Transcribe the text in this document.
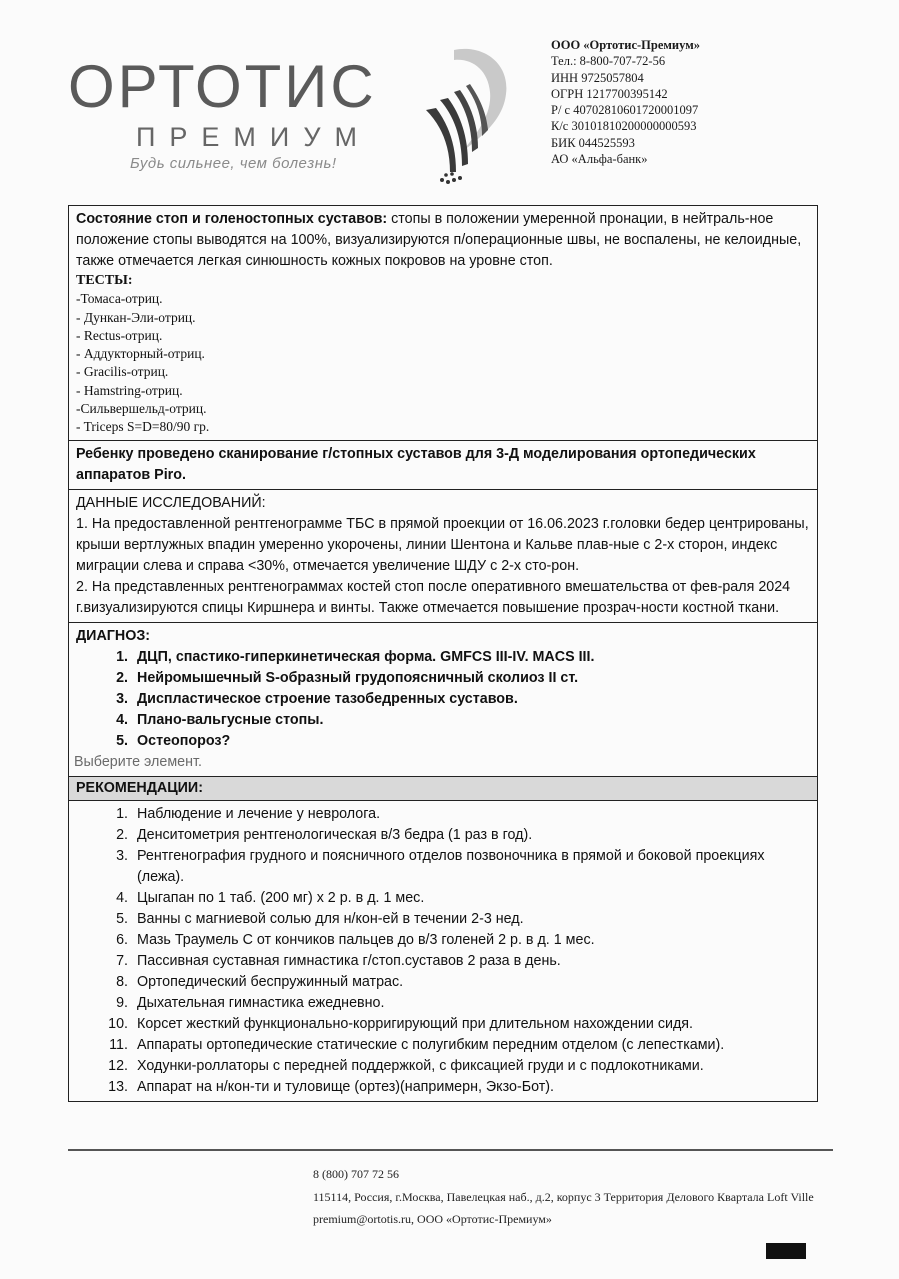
ОРТОТИС
ПРЕМИУМ
Будь сильнее, чем болезнь!
ООО «Ортотис-Премиум»
Тел.: 8-800-707-72-56
ИНН 9725057804
ОГРН 1217700395142
Р/ с 40702810601720001097
К/с 30101810200000000593
БИК 044525593
АО «Альфа-банк»
Состояние стоп и голеностопных суставов: стопы в положении умеренной пронации, в нейтраль-ное положение стопы выводятся на 100%, визуализируются п/операционные швы, не воспалены, не келоидные, также отмечается легкая синюшность кожных покровов на уровне стоп.
ТЕСТЫ:
-Томаса-отриц.
- Дункан-Эли-отриц.
- Rectus-отриц.
- Аддукторный-отриц.
- Gracilis-отриц.
- Hamstring-отриц.
-Сильвершельд-отриц.
- Triceps S=D=80/90 гр.
Ребенку проведено сканирование г/стопных суставов для 3-Д моделирования ортопедических аппаратов Piro.
ДАННЫЕ ИССЛЕДОВАНИЙ:
1. На предоставленной рентгенограмме ТБС в прямой проекции от 16.06.2023 г.головки бедер центрированы, крыши вертлужных впадин умеренно укорочены, линии Шентона и Кальве плав-ные с 2-х сторон, индекс миграции слева и справа <30%, отмечается увеличение ШДУ с 2-х сто-рон.
2. На представленных рентгенограммах костей стоп после оперативного вмешательства от фев-раля 2024 г.визуализируются спицы Киршнера и винты. Также отмечается повышение прозрач-ности костной ткани.
ДИАГНОЗ:
1. ДЦП, спастико-гиперкинетическая форма. GMFCS III-IV. MACS III.
2. Нейромышечный S-образный грудопоясничный сколиоз II ст.
3. Диспластическое строение тазобедренных суставов.
4. Плано-вальгусные стопы.
5. Остеопороз?
Выберите элемент.
РЕКОМЕНДАЦИИ:
1. Наблюдение и лечение у невролога.
2. Денситометрия рентгенологическая в/3 бедра (1 раз в год).
3. Рентгенография грудного и поясничного отделов позвоночника в прямой и боковой проекциях (лежа).
4. Цыгапан по 1 таб. (200 мг) х 2 р. в д. 1 мес.
5. Ванны с магниевой солью для н/кон-ей в течении 2-3 нед.
6. Мазь Траумель С от кончиков пальцев до в/3 голеней 2 р. в д. 1 мес.
7. Пассивная суставная гимнастика г/стоп.суставов 2 раза в день.
8. Ортопедический беспружинный матрас.
9. Дыхательная гимнастика ежедневно.
10. Корсет жесткий функционально-корригирующий при длительном нахождении сидя.
11. Аппараты ортопедические статические с полугибким передним отделом (с лепестками).
12. Ходунки-роллаторы с передней поддержкой, с фиксацией груди и с подлокотниками.
13. Аппарат на н/кон-ти и туловище (ортез)(напримерн, Экзо-Бот).
8 (800) 707 72 56
115114, Россия, г.Москва, Павелецкая наб., д.2, корпус 3 Территория Делового Квартала Loft Ville
premium@ortotis.ru, ООО «Ортотис-Премиум»
